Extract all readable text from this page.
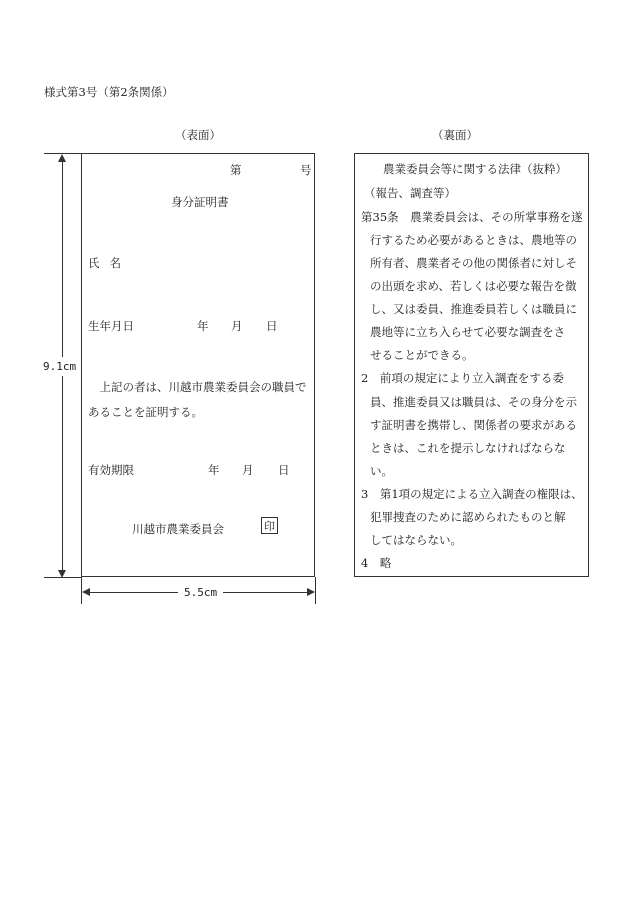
様式第3号（第2条関係）
（表面）	（裏面）
9.1cm
5.5cm
第	号
身分証明書
氏名
生年月日	年 月 日
　上記の者は、川越市農業委員会の職員であることを証明する。
有効期限	年 月 日
川越市農業委員会	印
農業委員会等に関する法律（抜粋）
（報告、調査等）
第35条　農業委員会は、その所掌事務を遂
行するため必要があるときは、農地等の
所有者、農業者その他の関係者に対しそ
の出頭を求め、若しくは必要な報告を徴
し、又は委員、推進委員若しくは職員に
農地等に立ち入らせて必要な調査をさ
せることができる。
2　前項の規定により立入調査をする委
員、推進委員又は職員は、その身分を示
す証明書を携帯し、関係者の要求がある
ときは、これを提示しなければならな
い。
3　第1項の規定による立入調査の権限は、
犯罪捜査のために認められたものと解
してはならない。
4　略
